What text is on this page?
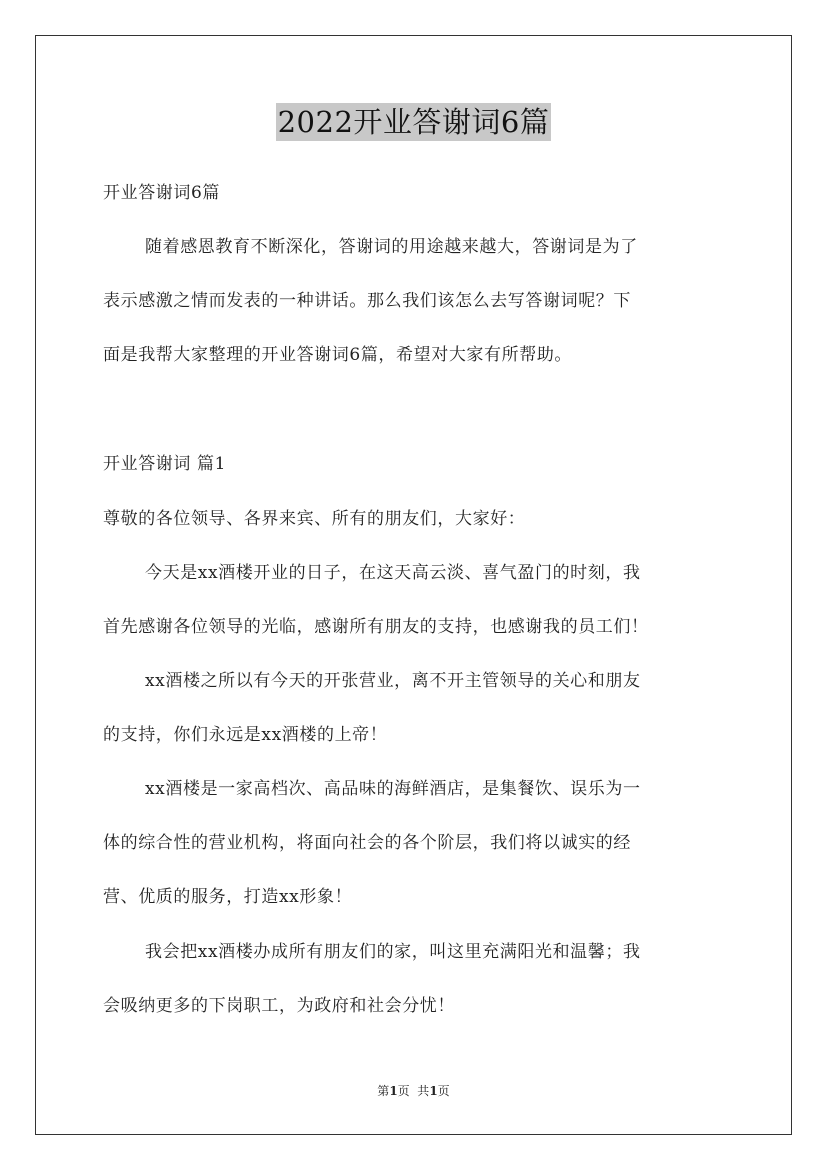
2022开业答谢词6篇
开业答谢词6篇
随着感恩教育不断深化，答谢词的用途越来越大，答谢词是为了
表示感激之情而发表的一种讲话。那么我们该怎么去写答谢词呢？下
面是我帮大家整理的开业答谢词6篇，希望对大家有所帮助。
开业答谢词 篇1
尊敬的各位领导、各界来宾、所有的朋友们，大家好：
今天是xx酒楼开业的日子，在这天高云淡、喜气盈门的时刻，我
首先感谢各位领导的光临，感谢所有朋友的支持，也感谢我的员工们！
xx酒楼之所以有今天的开张营业，离不开主管领导的关心和朋友
的支持，你们永远是xx酒楼的上帝！
xx酒楼是一家高档次、高品味的海鲜酒店，是集餐饮、误乐为一
体的综合性的营业机构，将面向社会的各个阶层，我们将以诚实的经
营、优质的服务，打造xx形象！
我会把xx酒楼办成所有朋友们的家，叫这里充满阳光和温馨；我
会吸纳更多的下岗职工，为政府和社会分忧！
第1页  共1页
